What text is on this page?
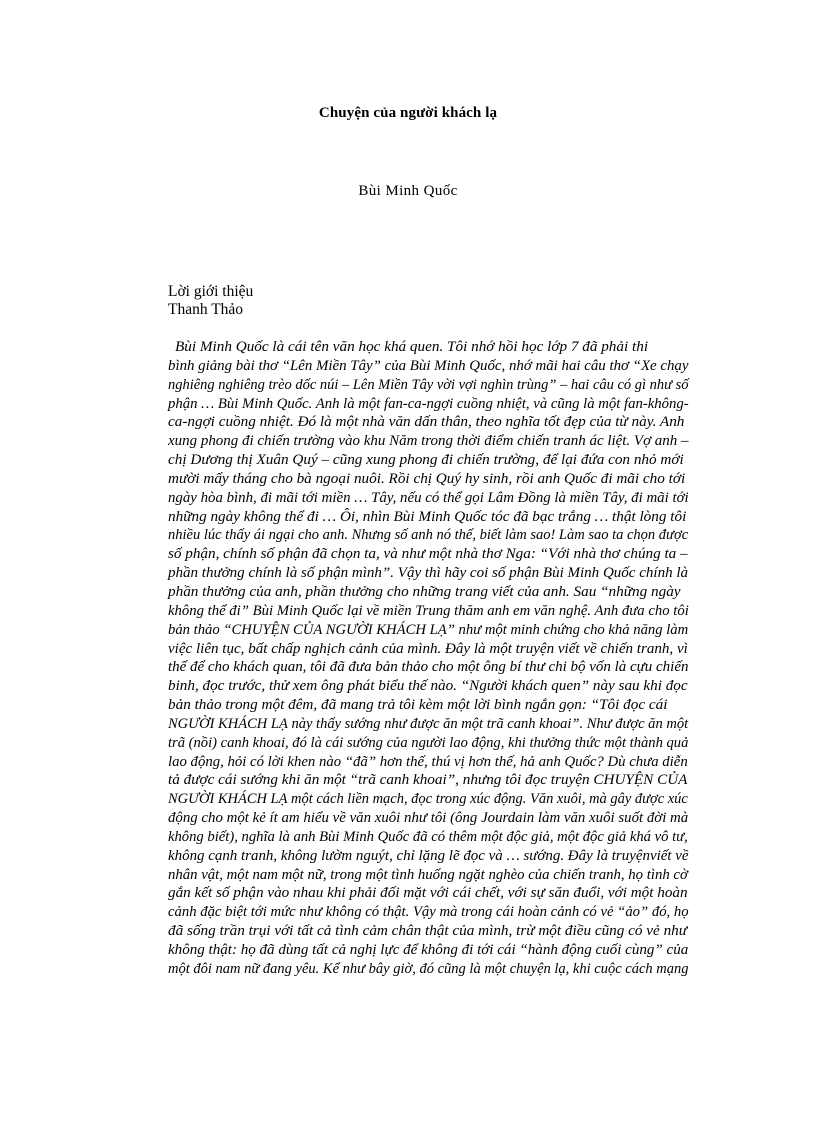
Chuyện của người khách lạ
Bùi Minh Quốc
Lời giới thiệu
Thanh Thảo
Bùi Minh Quốc là cái tên văn học khá quen. Tôi nhớ hồi học lớp 7 đã phải thi
bình giảng bài thơ “Lên Miền Tây” của Bùi Minh Quốc, nhớ mãi hai câu thơ “Xe chạy
nghiêng nghiêng trèo dốc núi – Lên Miền Tây vời vợi nghìn trùng” – hai câu có gì như số
phận … Bùi Minh Quốc. Anh là một fan-ca-ngợi cuồng nhiệt, và cũng là một fan-không-
ca-ngợi cuồng nhiệt. Đó là một nhà văn dấn thân, theo nghĩa tốt đẹp của từ này. Anh
xung phong đi chiến trường vào khu Năm trong thời điểm chiến tranh ác liệt. Vợ anh –
chị Dương thị Xuân Quý – cũng xung phong đi chiến trường, để lại đứa con nhỏ mới
mười mấy tháng cho bà ngoại nuôi. Rồi chị Quý hy sinh, rồi anh Quốc đi mãi cho tới
ngày hòa bình, đi mãi tới miền … Tây, nếu có thể gọi Lâm Đồng là miền Tây, đi mãi tới
những ngày không thể đi … Ôi, nhìn Bùi Minh Quốc tóc đã bạc trắng … thật lòng tôi
nhiều lúc thấy ái ngại cho anh. Nhưng số anh nó thế, biết làm sao! Làm sao ta chọn được
số phận, chính số phận đã chọn ta, và như một nhà thơ Nga: “Với nhà thơ chúng ta –
phần thưởng chính là số phận mình”. Vậy thì hãy coi số phận Bùi Minh Quốc chính là
phần thưởng của anh, phần thưởng cho những trang viết của anh. Sau “những ngày
không thể đi” Bùi Minh Quốc lại về miền Trung thăm anh em văn nghệ. Anh đưa cho tôi
bản thảo “CHUYỆN CỦA NGƯỜI KHÁCH LẠ” như một minh chứng cho khả năng làm
việc liên tục, bất chấp nghịch cảnh của mình. Đây là một truyện viết về chiến tranh, vì
thế để cho khách quan, tôi đã đưa bản thảo cho một ông bí thư chi bộ vốn là cựu chiến
binh, đọc trước, thử xem ông phát biểu thế nào. “Người khách quen” này sau khi đọc
bản thảo trong một đêm, đã mang trả tôi kèm một lời bình ngắn gọn: “Tôi đọc cái
NGƯỜI KHÁCH LẠ này thấy sướng như được ăn một trã canh khoai”. Như được ăn một
trã (nồi) canh khoai, đó là cái sướng của người lao động, khi thưởng thức một thành quả
lao động, hỏi có lời khen nào “đã” hơn thế, thú vị hơn thế, hả anh Quốc? Dù chưa diễn
tả được cái sướng khi ăn một “trã canh khoai”, nhưng tôi đọc truyện CHUYỆN CỦA
NGƯỜI KHÁCH LẠ một cách liền mạch, đọc trong xúc động. Văn xuôi, mà gây được xúc
động cho một kẻ ít am hiểu về văn xuôi như tôi (ông Jourdain làm văn xuôi suốt đời mà
không biết), nghĩa là anh Bùi Minh Quốc đã có thêm một độc giả, một độc giả khá vô tư,
không cạnh tranh, không lườm nguýt, chỉ lặng lẽ đọc và … sướng. Đây là truyệnviết về
nhân vật, một nam một nữ, trong một tình huống ngặt nghèo của chiến tranh, họ tình cờ
gắn kết số phận vào nhau khi phải đối mặt với cái chết, với sự săn đuổi, với một hoàn
cảnh đặc biệt tới mức như không có thật. Vậy mà trong cái hoàn cảnh có vẻ “ảo” đó, họ
đã sống trần trụi với tất cả tình cảm chân thật của mình, trừ một điều cũng có vẻ như
không thật: họ đã dùng tất cả nghị lực để không đi tới cái “hành động cuối cùng” của
một đôi nam nữ đang yêu. Kể như bây giờ, đó cũng là một chuyện lạ, khi cuộc cách mạng
